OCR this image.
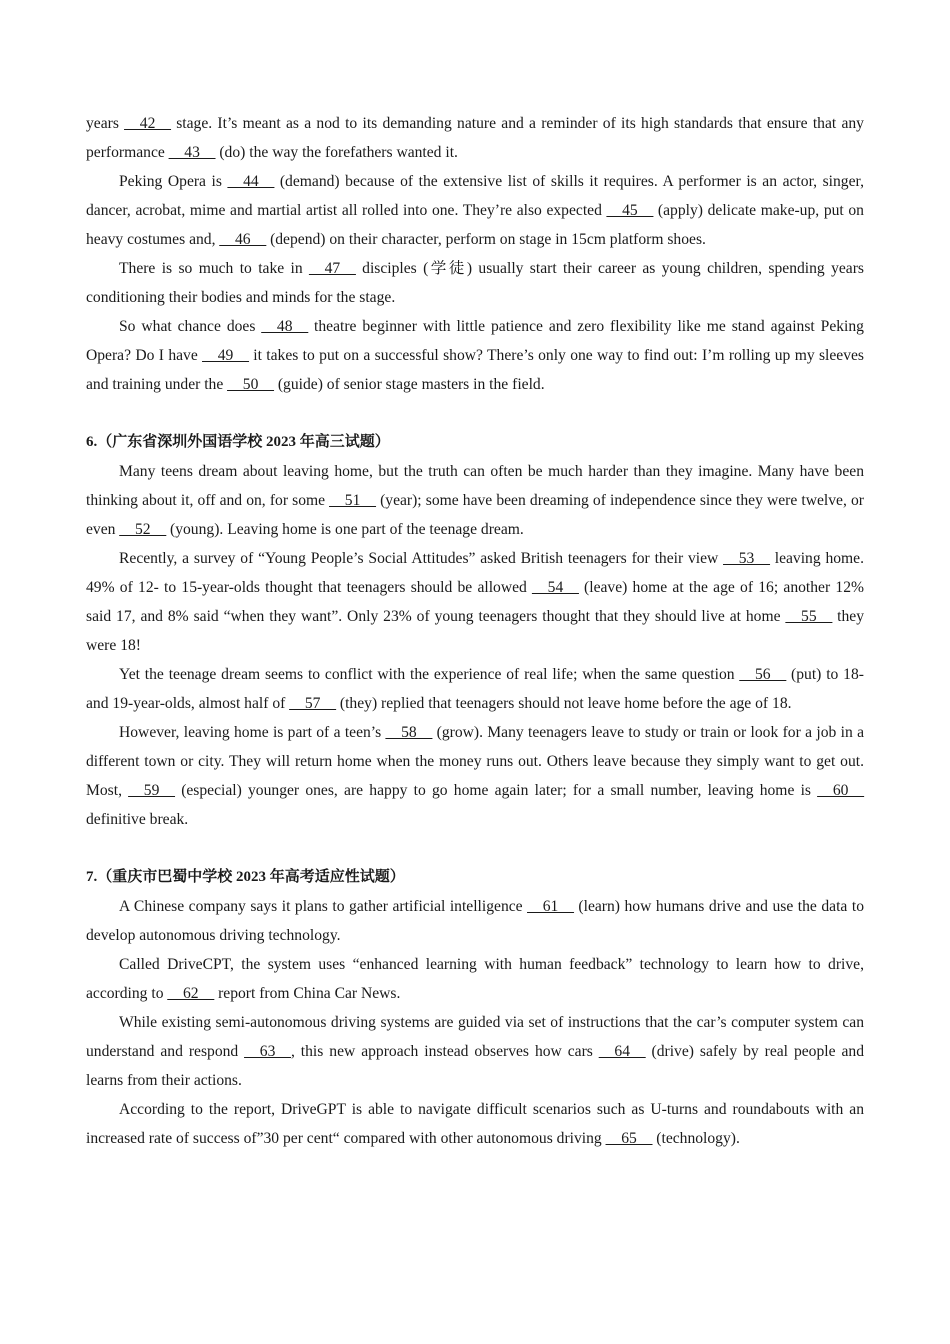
years __42__ stage. It’s meant as a nod to its demanding nature and a reminder of its high standards that ensure that any performance __43__ (do) the way the forefathers wanted it.

Peking Opera is __44__ (demand) because of the extensive list of skills it requires. A performer is an actor, singer, dancer, acrobat, mime and martial artist all rolled into one. They’re also expected __45__ (apply) delicate make-up, put on heavy costumes and, __46__ (depend) on their character, perform on stage in 15cm platform shoes.

There is so much to take in __47__ disciples (学徒) usually start their career as young children, spending years conditioning their bodies and minds for the stage.

So what chance does __48__ theatre beginner with little patience and zero flexibility like me stand against Peking Opera? Do I have __49__ it takes to put on a successful show? There’s only one way to find out: I’m rolling up my sleeves and training under the __50__ (guide) of senior stage masters in the field.

6.（广东省深圳外国语学校 2023 年高三试题）

Many teens dream about leaving home, but the truth can often be much harder than they imagine. Many have been thinking about it, off and on, for some __51__ (year); some have been dreaming of independence since they were twelve, or even __52__ (young). Leaving home is one part of the teenage dream.

Recently, a survey of “Young People’s Social Attitudes” asked British teenagers for their view __53__ leaving home. 49% of 12- to 15-year-olds thought that teenagers should be allowed __54__ (leave) home at the age of 16; another 12% said 17, and 8% said “when they want”. Only 23% of young teenagers thought that they should live at home __55__ they were 18!

Yet the teenage dream seems to conflict with the experience of real life; when the same question __56__ (put) to 18- and 19-year-olds, almost half of __57__ (they) replied that teenagers should not leave home before the age of 18.

However, leaving home is part of a teen’s __58__ (grow). Many teenagers leave to study or train or look for a job in a different town or city. They will return home when the money runs out. Others leave because they simply want to get out. Most, __59__ (especial) younger ones, are happy to go home again later; for a small number, leaving home is __60__ definitive break.

7.（重庆市巴蜀中学校 2023 年高考适应性试题）

A Chinese company says it plans to gather artificial intelligence __61__ (learn) how humans drive and use the data to develop autonomous driving technology.

Called DriveCPT, the system uses “enhanced learning with human feedback” technology to learn how to drive, according to __62__ report from China Car News.

While existing semi-autonomous driving systems are guided via set of instructions that the car’s computer system can understand and respond __63__, this new approach instead observes how cars __64__ (drive) safely by real people and learns from their actions.

According to the report, DriveGPT is able to navigate difficult scenarios such as U-turns and roundabouts with an increased rate of success of”30 per cent“ compared with other autonomous driving __65__ (technology).
